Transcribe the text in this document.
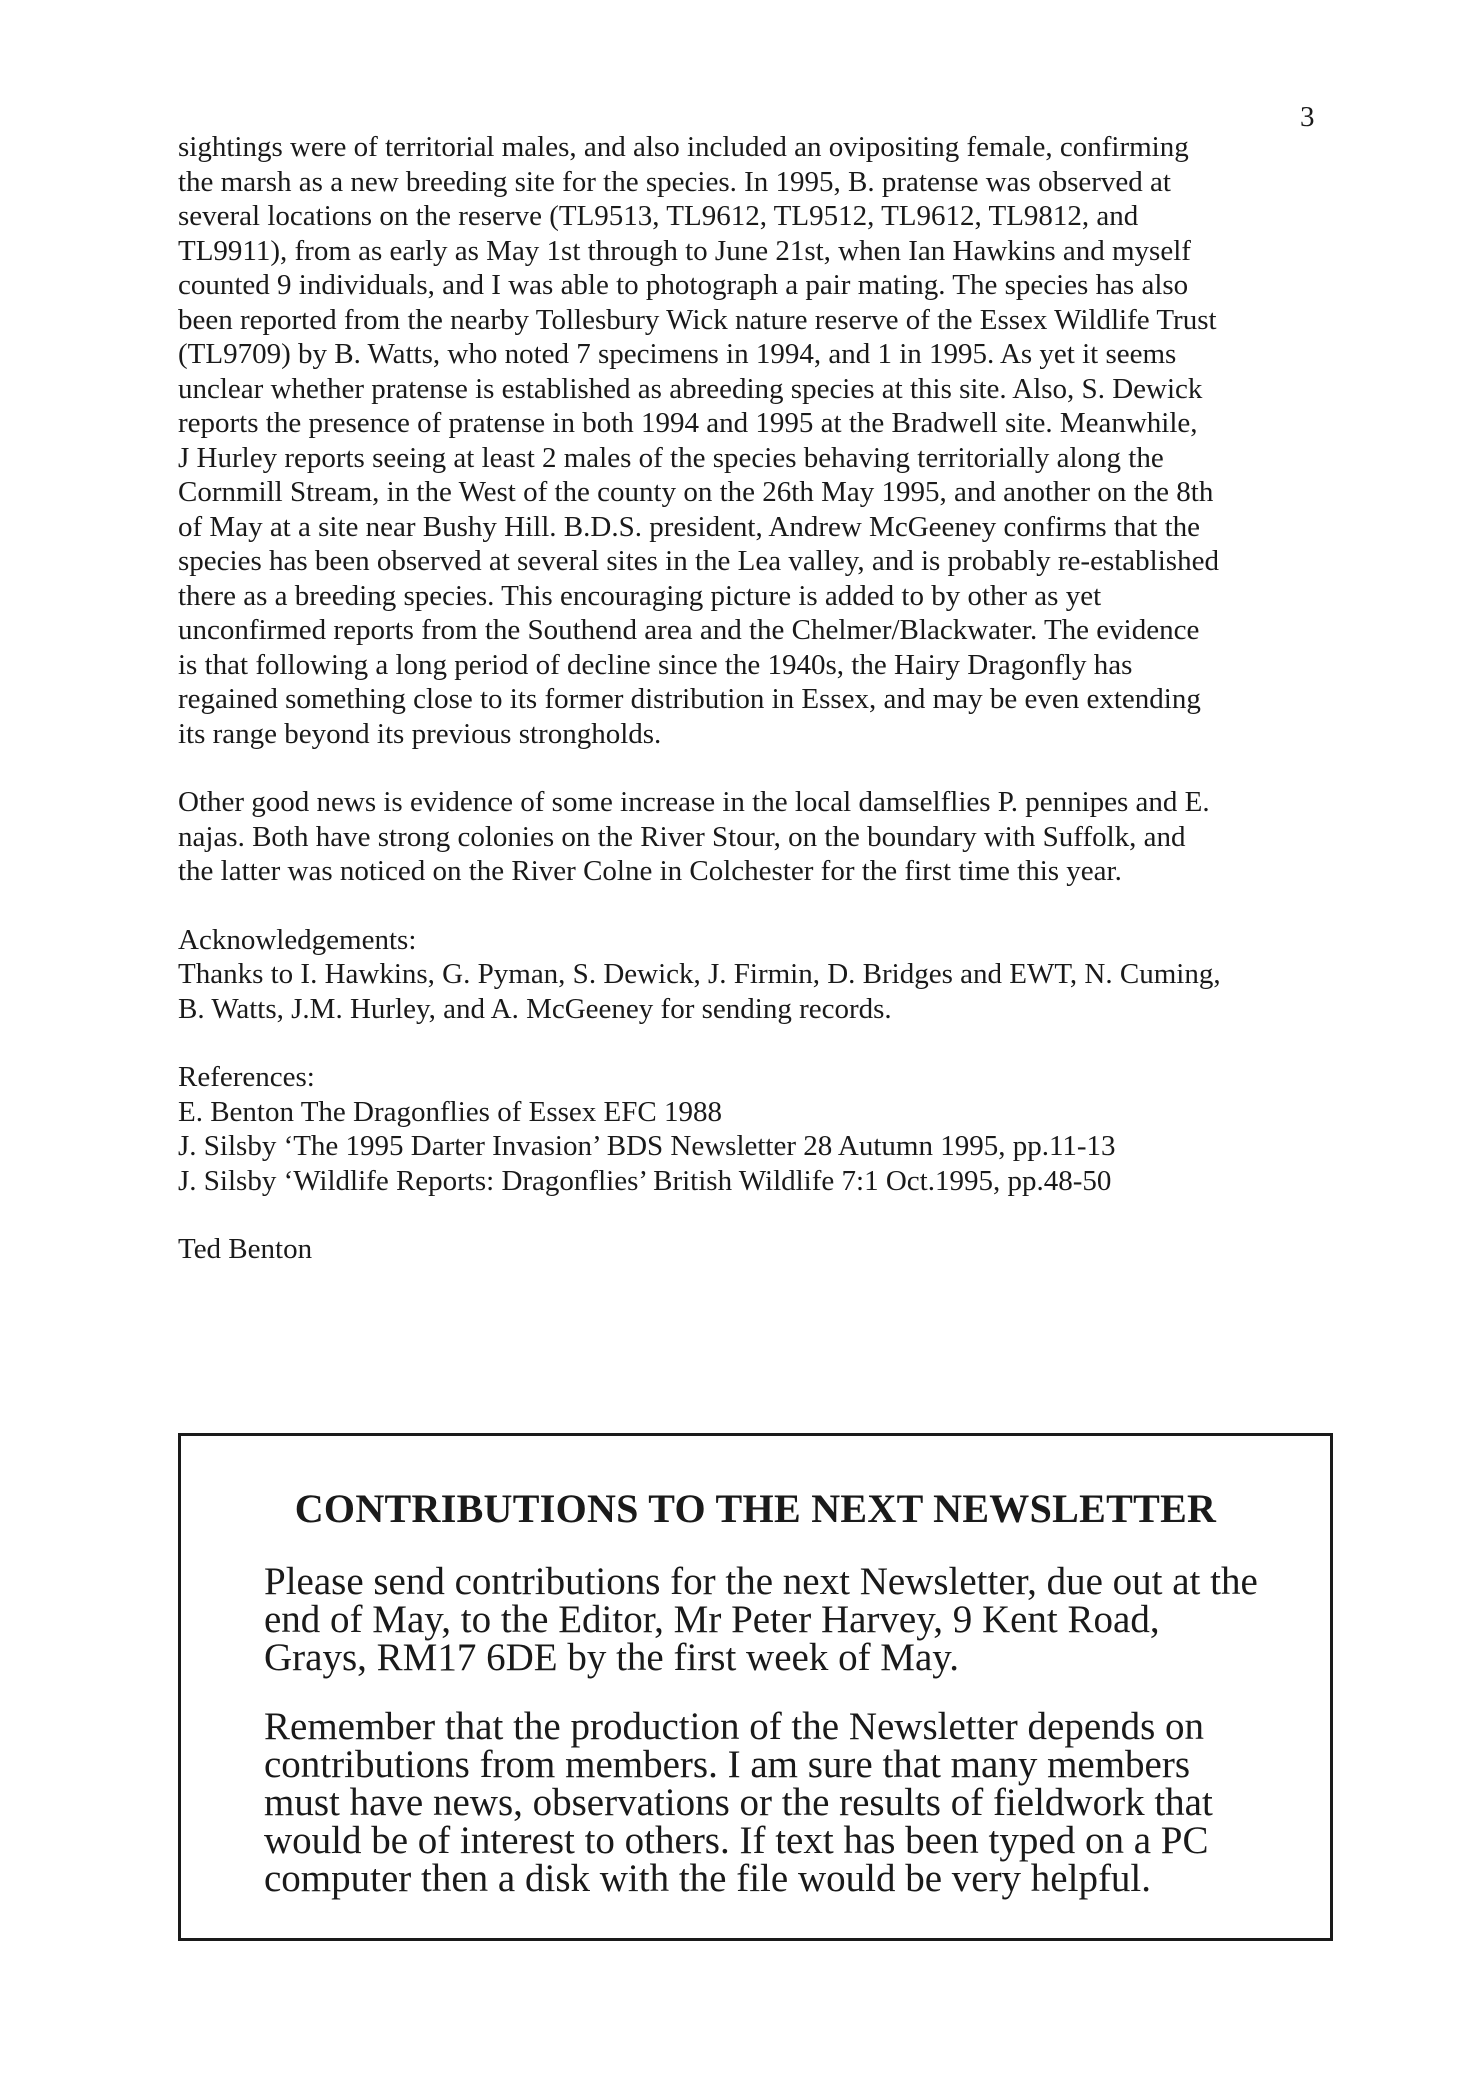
3
sightings were of territorial males, and also included an ovipositing female, confirming
the marsh as a new breeding site for the species. In 1995, B. pratense was observed at
several locations on the reserve (TL9513, TL9612, TL9512, TL9612, TL9812, and
TL9911), from as early as May 1st through to June 21st, when Ian Hawkins and myself
counted 9 individuals, and I was able to photograph a pair mating. The species has also
been reported from the nearby Tollesbury Wick nature reserve of the Essex Wildlife Trust
(TL9709) by B. Watts, who noted 7 specimens in 1994, and 1 in 1995. As yet it seems
unclear whether pratense is established as abreeding species at this site. Also, S. Dewick
reports the presence of pratense in both 1994 and 1995 at the Bradwell site. Meanwhile,
J Hurley reports seeing at least 2 males of the species behaving territorially along the
Cornmill Stream, in the West of the county on the 26th May 1995, and another on the 8th
of May at a site near Bushy Hill. B.D.S. president, Andrew McGeeney confirms that the
species has been observed at several sites in the Lea valley, and is probably re-established
there as a breeding species. This encouraging picture is added to by other as yet
unconfirmed reports from the Southend area and the Chelmer/Blackwater. The evidence
is that following a long period of decline since the 1940s, the Hairy Dragonfly has
regained something close to its former distribution in Essex, and may be even extending
its range beyond its previous strongholds.
Other good news is evidence of some increase in the local damselflies P. pennipes and E.
najas. Both have strong colonies on the River Stour, on the boundary with Suffolk, and
the latter was noticed on the River Colne in Colchester for the first time this year.
Acknowledgements:
Thanks to I. Hawkins, G. Pyman, S. Dewick, J. Firmin, D. Bridges and EWT, N. Cuming,
B. Watts, J.M. Hurley, and A. McGeeney for sending records.
References:
E. Benton The Dragonflies of Essex EFC 1988
J. Silsby ‘The 1995 Darter Invasion’ BDS Newsletter 28 Autumn 1995, pp.11-13
J. Silsby ‘Wildlife Reports: Dragonflies’ British Wildlife 7:1 Oct.1995, pp.48-50
Ted Benton
CONTRIBUTIONS TO THE NEXT NEWSLETTER
Please send contributions for the next Newsletter, due out at the
end of May, to the Editor, Mr Peter Harvey, 9 Kent Road,
Grays, RM17 6DE by the first week of May.
Remember that the production of the Newsletter depends on
contributions from members. I am sure that many members
must have news, observations or the results of fieldwork that
would be of interest to others. If text has been typed on a PC
computer then a disk with the file would be very helpful.
